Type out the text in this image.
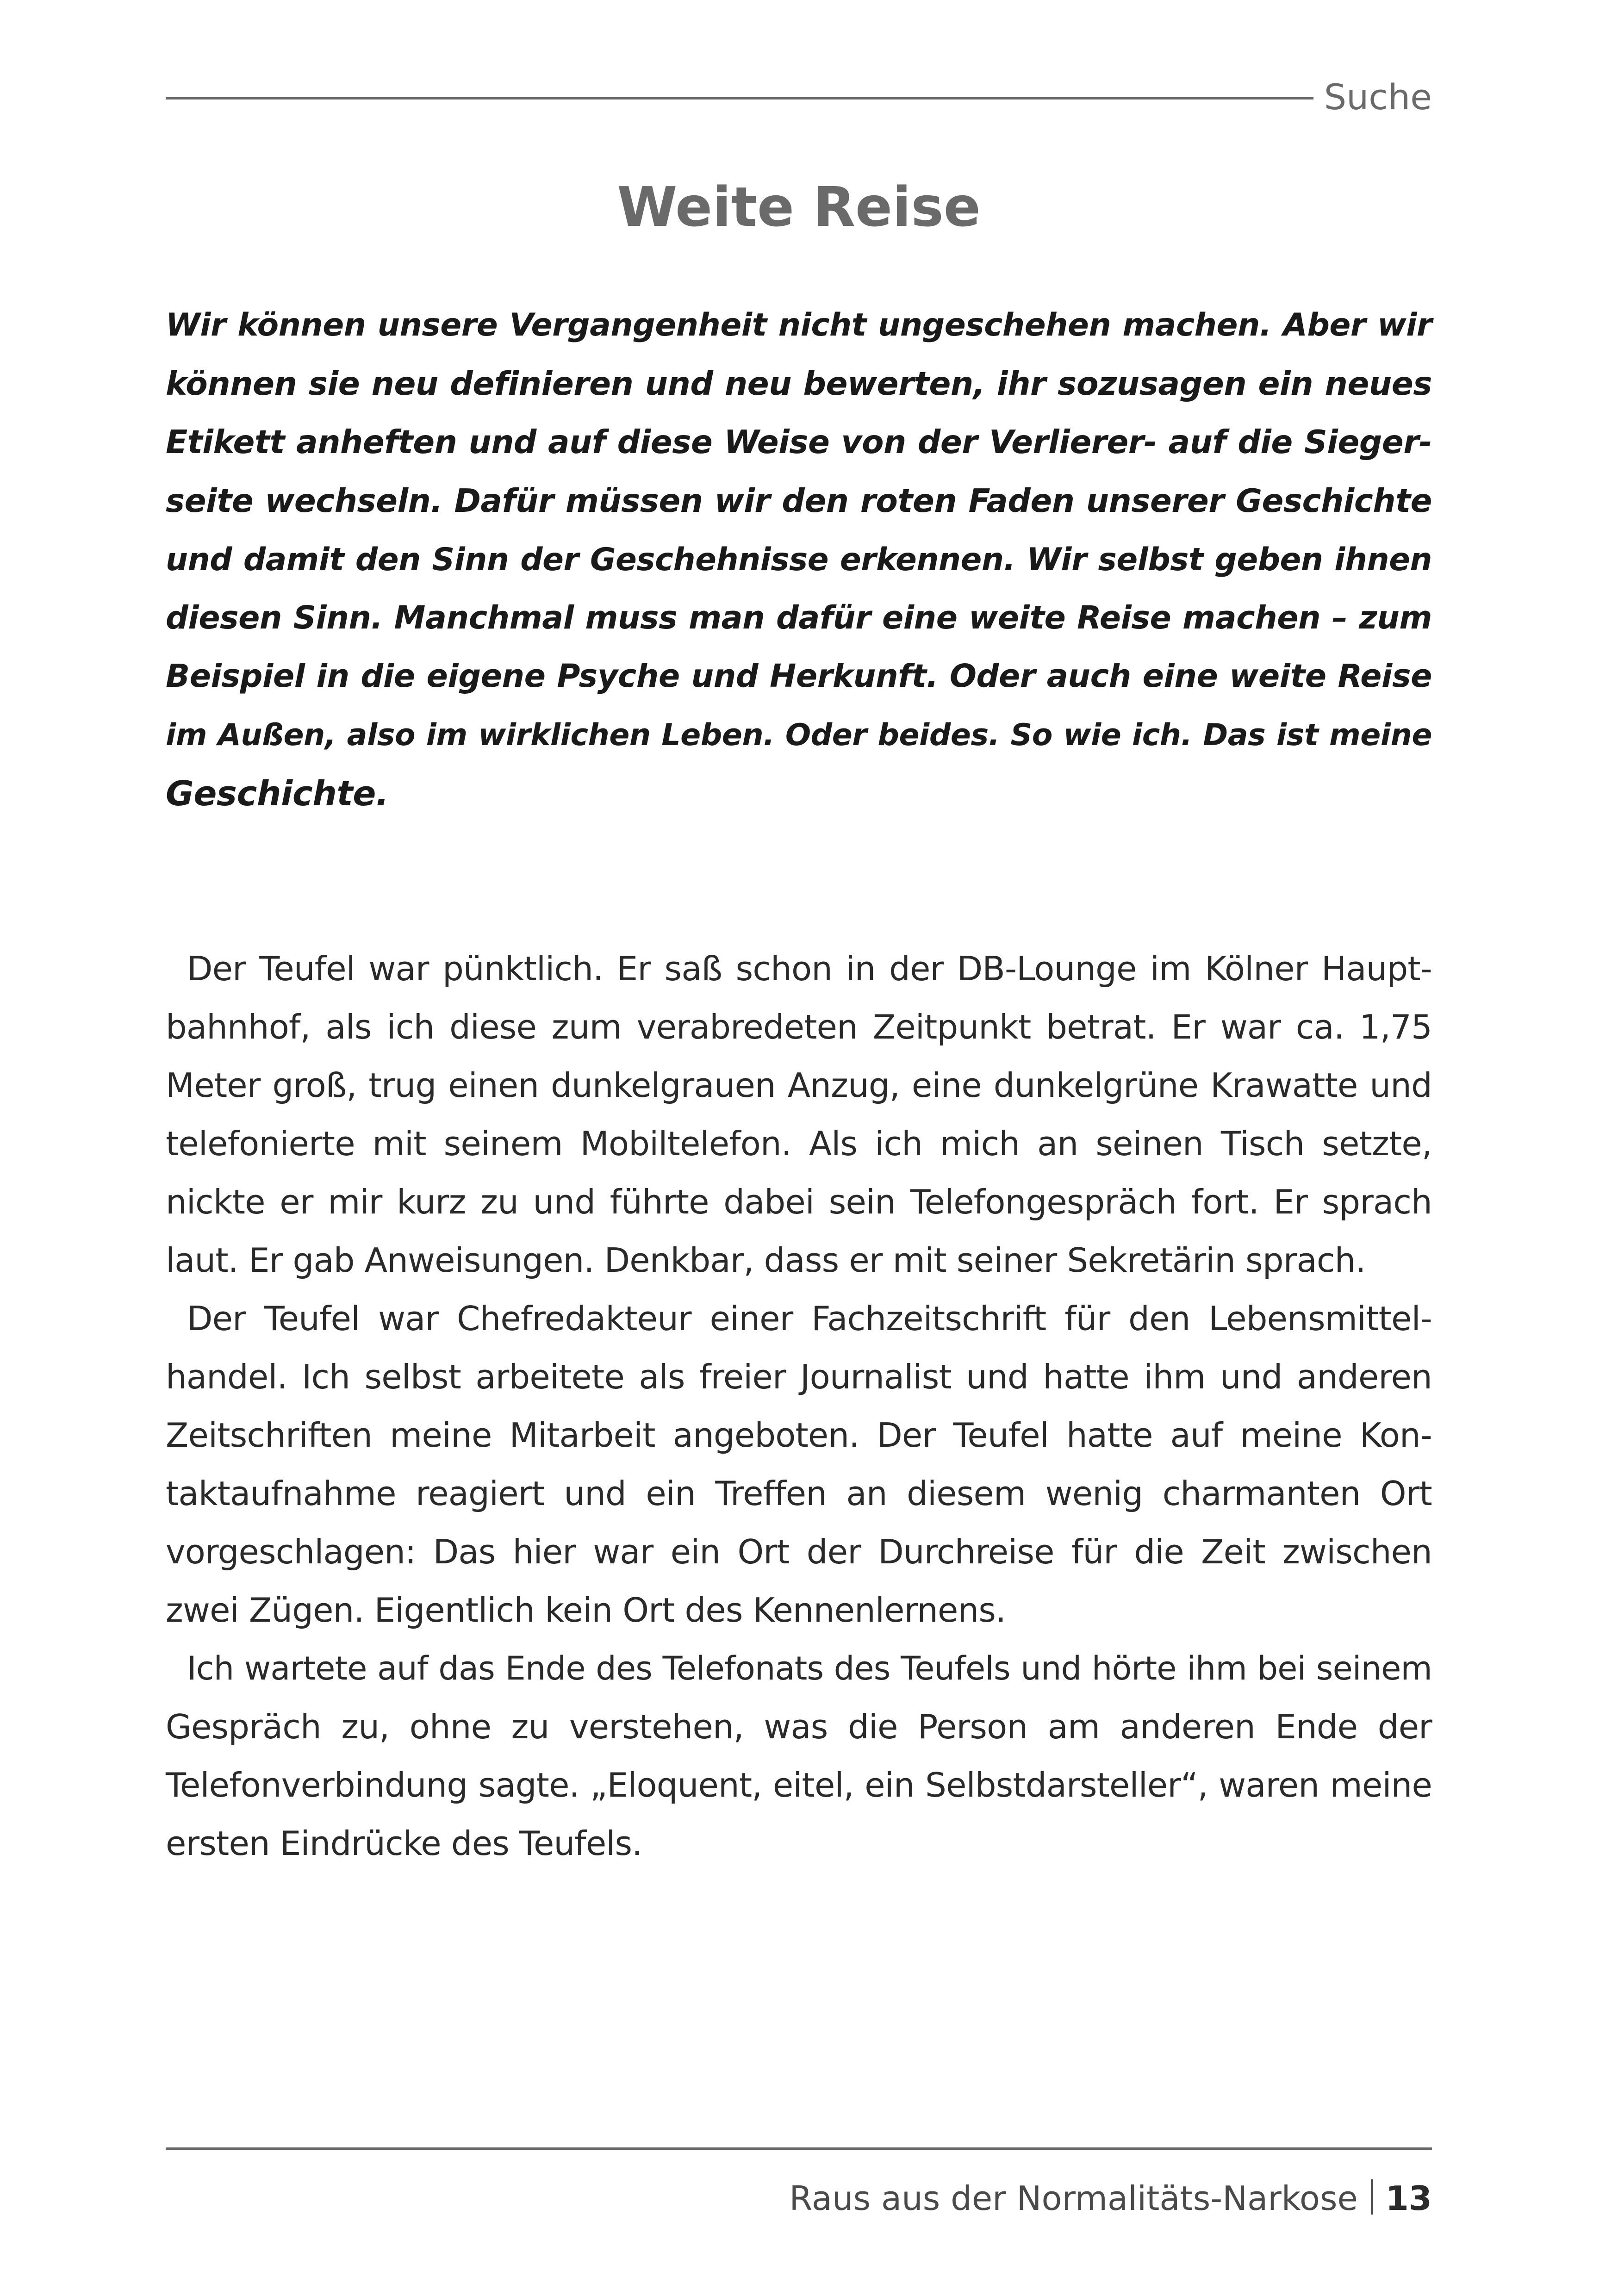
Suche
Weite Reise
Wir können unsere Vergangenheit nicht ungeschehen machen. Aber wir
können sie neu definieren und neu bewerten, ihr sozusagen ein neues
Etikett anheften und auf diese Weise von der Verlierer- auf die Sieger-
seite wechseln. Dafür müssen wir den roten Faden unserer Geschichte
und damit den Sinn der Geschehnisse erkennen. Wir selbst geben ihnen
diesen Sinn. Manchmal muss man dafür eine weite Reise machen – zum
Beispiel in die eigene Psyche und Herkunft. Oder auch eine weite Reise
im Außen, also im wirklichen Leben. Oder beides. So wie ich. Das ist meine
Geschichte.
Der Teufel war pünktlich. Er saß schon in der DB-Lounge im Kölner Haupt-
bahnhof, als ich diese zum verabredeten Zeitpunkt betrat. Er war ca. 1,75
Meter groß, trug einen dunkelgrauen Anzug, eine dunkelgrüne Krawatte und
telefonierte mit seinem Mobiltelefon. Als ich mich an seinen Tisch setzte,
nickte er mir kurz zu und führte dabei sein Telefongespräch fort. Er sprach
laut. Er gab Anweisungen. Denkbar, dass er mit seiner Sekretärin sprach.
Der Teufel war Chefredakteur einer Fachzeitschrift für den Lebensmittel-
handel. Ich selbst arbeitete als freier Journalist und hatte ihm und anderen
Zeitschriften meine Mitarbeit angeboten. Der Teufel hatte auf meine Kon-
taktaufnahme reagiert und ein Treffen an diesem wenig charmanten Ort
vorgeschlagen: Das hier war ein Ort der Durchreise für die Zeit zwischen
zwei Zügen. Eigentlich kein Ort des Kennenlernens.
Ich wartete auf das Ende des Telefonats des Teufels und hörte ihm bei seinem
Gespräch zu, ohne zu verstehen, was die Person am anderen Ende der
Telefonverbindung sagte. „Eloquent, eitel, ein Selbstdarsteller“, waren meine
ersten Eindrücke des Teufels.
Raus aus der Normalitäts-Narkose 13
